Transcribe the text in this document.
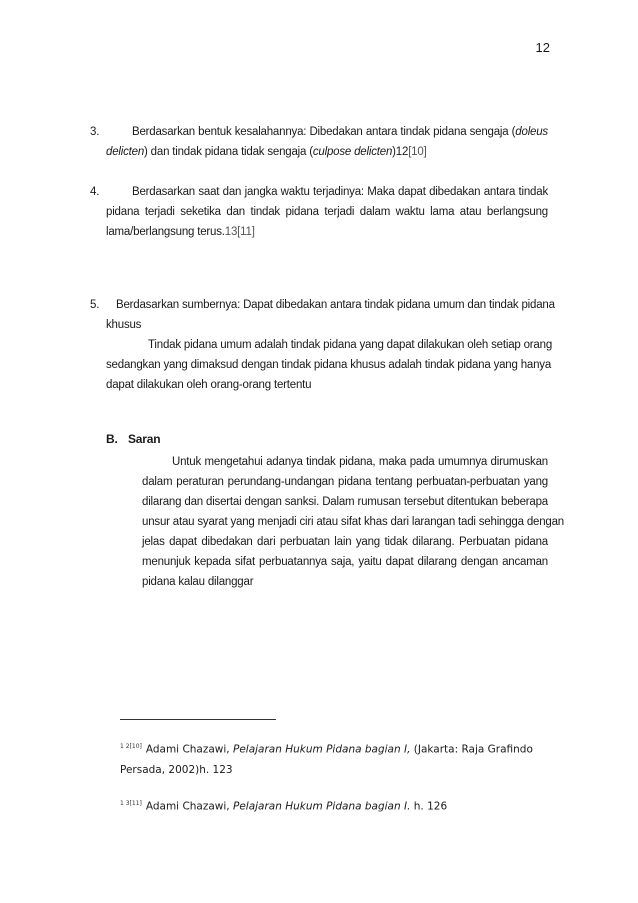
12
3.	Berdasarkan bentuk kesalahannya: Dibedakan antara tindak pidana sengaja (doleus
delicten) dan tindak pidana tidak sengaja (culpose delicten)12[10]
4.	Berdasarkan saat dan jangka waktu terjadinya: Maka dapat dibedakan antara tindak
pidana terjadi seketika dan tindak pidana terjadi dalam waktu lama atau berlangsung
lama/berlangsung terus.13[11]
5.	Berdasarkan sumbernya: Dapat dibedakan antara tindak pidana umum dan tindak pidana
khusus
Tindak pidana umum adalah tindak pidana yang dapat dilakukan oleh setiap orang
sedangkan yang dimaksud dengan tindak pidana khusus adalah tindak pidana yang hanya
dapat dilakukan oleh orang-orang tertentu
B. Saran
Untuk mengetahui adanya tindak pidana, maka pada umumnya dirumuskan
dalam peraturan perundang-undangan pidana tentang perbuatan-perbuatan yang
dilarang dan disertai dengan sanksi. Dalam rumusan tersebut ditentukan beberapa
unsur atau syarat yang menjadi ciri atau sifat khas dari larangan tadi sehingga dengan
jelas dapat dibedakan dari perbuatan lain yang tidak dilarang. Perbuatan pidana
menunjuk kepada sifat perbuatannya saja, yaitu dapat dilarang dengan ancaman
pidana kalau dilanggar
$^{1 2[10]}$ Adami Chazawi, Pelajaran Hukum Pidana bagian I, (Jakarta: Raja Grafindo
Persada, 2002)h. 123
$^{1 3[11]}$ Adami Chazawi, Pelajaran Hukum Pidana bagian I. h. 126
